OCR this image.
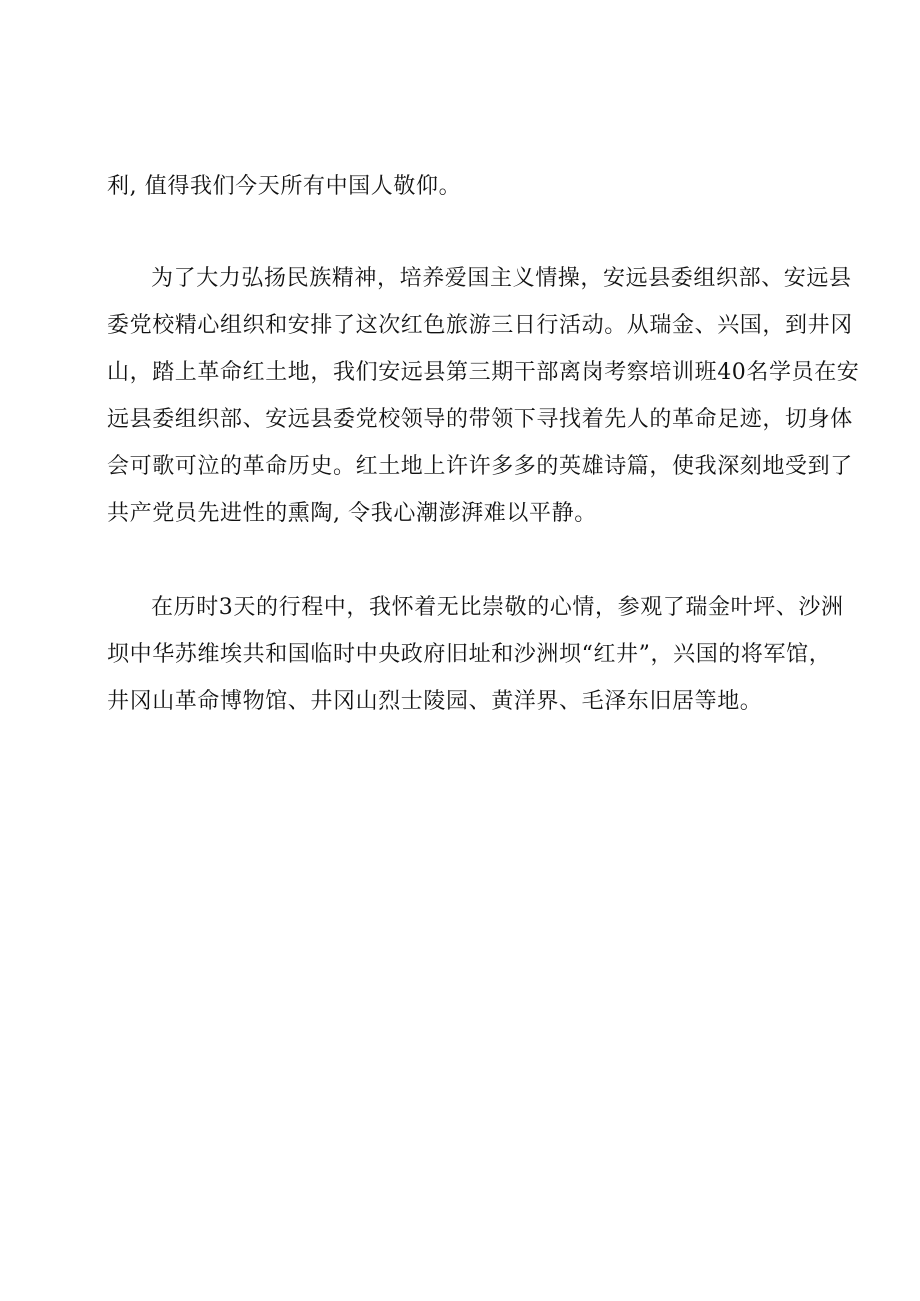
利, 值得我们今天所有中国人敬仰。

为了大力弘扬民族精神，培养爱国主义情操，安远县委组织部、安远县

委党校精心组织和安排了这次红色旅游三日行活动。从瑞金、兴国，到井冈

山，踏上革命红土地，我们安远县第三期干部离岗考察培训班40名学员在安

远县委组织部、安远县委党校领导的带领下寻找着先人的革命足迹，切身体

会可歌可泣的革命历史。红土地上许许多多的英雄诗篇，使我深刻地受到了

共产党员先进性的熏陶, 令我心潮澎湃难以平静。

在历时3天的行程中，我怀着无比崇敬的心情，参观了瑞金叶坪、沙洲

坝中华苏维埃共和国临时中央政府旧址和沙洲坝“红井”，兴国的将军馆，

井冈山革命博物馆、井冈山烈士陵园、黄洋界、毛泽东旧居等地。
